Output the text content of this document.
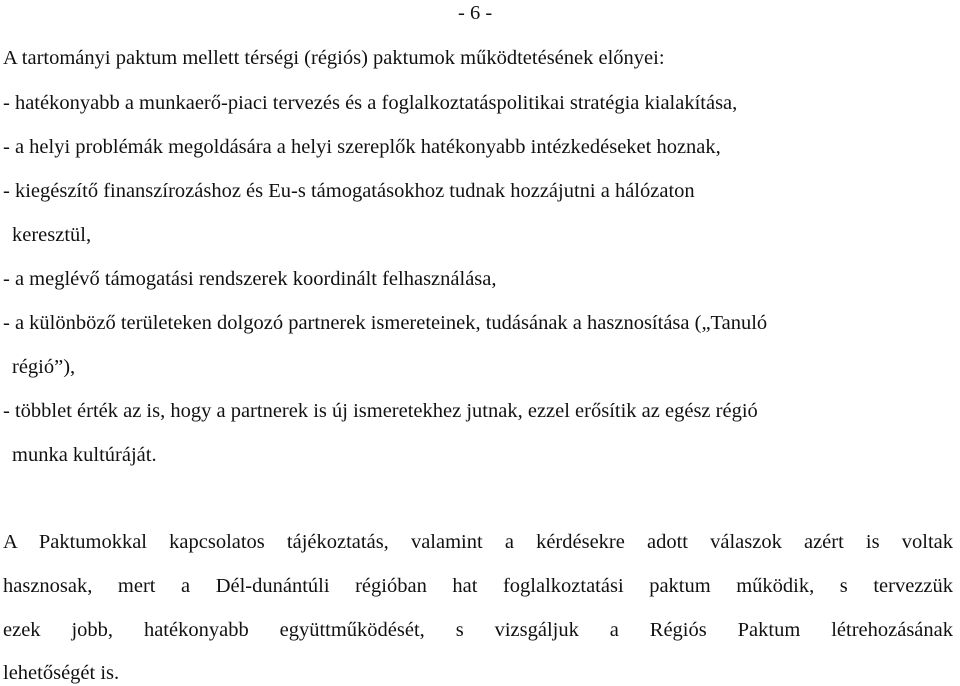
- 6 -
A tartományi paktum mellett térségi (régiós) paktumok működtetésének előnyei:
- hatékonyabb a munkaerő-piaci tervezés és a foglalkoztatáspolitikai stratégia kialakítása,
- a helyi problémák megoldására a helyi szereplők hatékonyabb intézkedéseket hoznak,
- kiegészítő finanszírozáshoz és Eu-s támogatásokhoz tudnak hozzájutni a hálózaton
keresztül,
- a meglévő támogatási rendszerek koordinált felhasználása,
- a különböző területeken dolgozó partnerek ismereteinek, tudásának a hasznosítása („Tanuló
régió”),
- többlet érték az is, hogy a partnerek is új ismeretekhez jutnak, ezzel erősítik az egész régió
munka kultúráját.
A Paktumokkal kapcsolatos tájékoztatás, valamint a kérdésekre adott válaszok azért is voltak
hasznosak, mert a Dél-dunántúli régióban hat foglalkoztatási paktum működik, s tervezzük
ezek jobb, hatékonyabb együttműködését, s vizsgáljuk a Régiós Paktum létrehozásának
lehetőségét is.
